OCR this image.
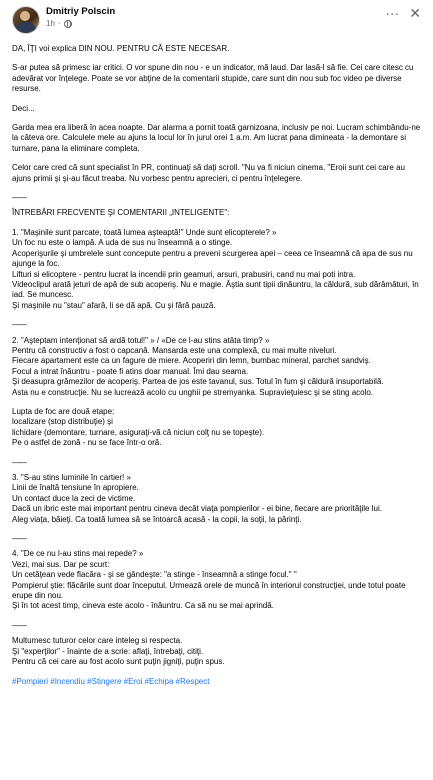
Dmitriy Polscin
1h ·
··· ✕

DA, ÎŢI voi explica DIN NOU. PENTRU CĂ ESTE NECESAR.

S-ar putea să primesc iar critici. O vor spune din nou - e un indicator, mă laud. Dar lasă-l să fie. Cei care citesc cu adevărat vor înţelege. Poate se vor abţine de la comentarii stupide, care sunt din nou sub foc video pe diverse resurse.

Deci...

Garda mea era liberă în acea noapte. Dar alarma a pornit toată garnizoana, inclusiv pe noi. Lucram schimbându-ne la câteva ore. Calculele mele au ajuns la locul lor în jurul orei 1 a.m. Am lucrat pana dimineata - la demontare si turnare, pana la eliminare completa.

Celor care cred că sunt specialist în PR, continuaţi să daţi scroll. "Nu va fi niciun cinema. "Eroii sunt cei care au ajuns primii şi şi-au făcut treaba. Nu vorbesc pentru aprecieri, ci pentru înţelegere.

——

ÎNTREBĂRI FRECVENTE ŞI COMENTARII „INTELIGENTE":

1. "Maşinile sunt parcate, toată lumea aşteaptă!" Unde sunt elicopterele? »
Un foc nu este o lampă. A uda de sus nu înseamnă a o stinge.
Acoperişurile şi umbrelele sunt concepute pentru a preveni scurgerea apei – ceea ce înseamnă că apa de sus nu ajunge la foc.
Lifturi si elicoptere - pentru lucrat la incendii prin geamuri, arsuri, prabusiri, cand nu mai poti intra.
Videoclipul arată jeturi de apă de sub acoperiş. Nu e magie. Ăştia sunt tipii dinăuntru, la căldură, sub dărâmături, în iad. Se muncesc.
Şi maşinile nu "stau" afară, li se dă apă. Cu şi fără pauză.

——

2. "Aşteptam intenţionat să ardă totul!" » / «De ce l-au stins atâta timp? »
Pentru că constructiv a fost o capcană. Mansarda este una complexă, cu mai multe niveluri.
Fiecare apartament este ca un fagure de miere. Acoperiri din lemn, bumbac mineral, parchet sandviş.
Focul a intrat înăuntru - poate fi atins doar manual. Îmi dau seama.
Şi deasupra grămezilor de acoperiş. Partea de jos este tavanul, sus. Totul în fum şi căldură insuportabilă.
Asta nu e construcţie. Nu se lucrează acolo cu unghii pe stremyanka. Supravieţuiesc şi se sting acolo.

Lupta de foc are două etape:
localizare (stop distribuţie) şi
lichidare (demontare, turnare, asiguraţi-vă că niciun colţ nu se topeşte).
Pe o astfel de zonă - nu se face într-o oră.

——

3. "S-au stins luminile în cartier! »
Linii de înaltă tensiune în apropiere.
Un contact duce la zeci de victime.
Dacă un ibric este mai important pentru cineva decât viaţa pompierilor - ei bine, fiecare are priorităţile lui.
Aleg viaţa, băieţi. Ca toată lumea să se întoarcă acasă - la copii, la soţii, la părinţi.

——

4. "De ce nu l-au stins mai repede? »
Vezi, mai sus. Dar pe scurt:
Un cetăţean vede flacăra - şi se gândeşte: "a stinge - înseamnă a stinge focul." "
Pompierul ştie: flăcările sunt doar începutul. Urmează orele de muncă în interiorul construcţiei, unde totul poate erupe din nou.
Şi în tot acest timp, cineva este acolo - înăuntru. Ca să nu se mai aprindă.

——

Multumesc tuturor celor care inteleg si respecta.
Şi "experţilor" - înainte de a scrie: aflaţi, întrebaţi, citiţi.
Pentru că cei care au fost acolo sunt puţin jigniţi, puţin spus.

#Pompieri #Incendiu #Stingere #Eroi #Echipa #Respect
